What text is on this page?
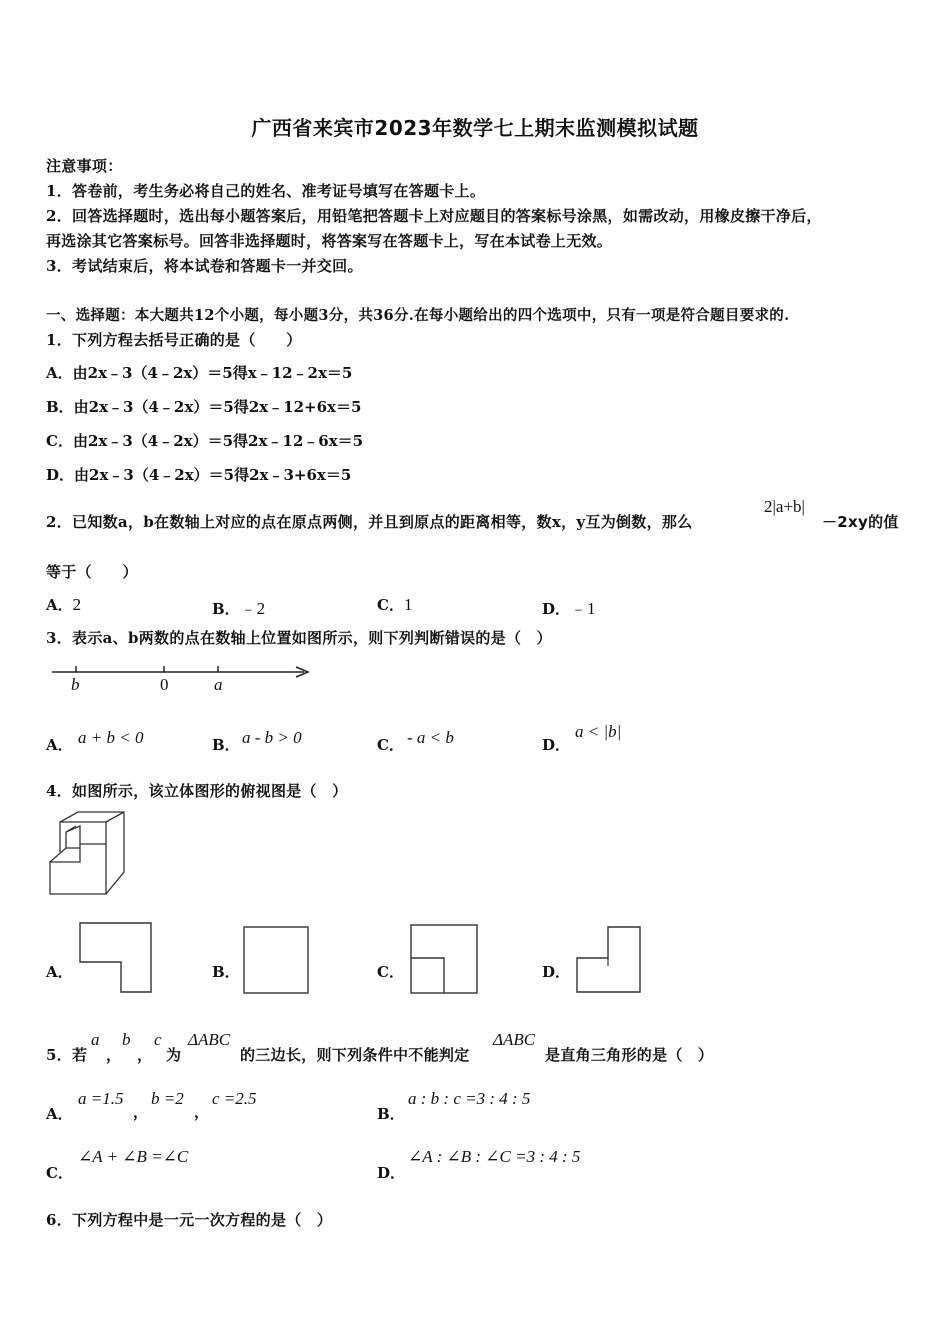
广西省来宾市2023年数学七上期末监测模拟试题
注意事项：
1．答卷前，考生务必将自己的姓名、准考证号填写在答题卡上。
2．回答选择题时，选出每小题答案后，用铅笔把答题卡上对应题目的答案标号涂黑，如需改动，用橡皮擦干净后，
再选涂其它答案标号。回答非选择题时，将答案写在答题卡上，写在本试卷上无效。
3．考试结束后，将本试卷和答题卡一并交回。
一、选择题：本大题共12个小题，每小题3分，共36分.在每小题给出的四个选项中，只有一项是符合题目要求的.
1．下列方程去括号正确的是（　　）
A．由2x﹣3（4﹣2x）＝5得x﹣12﹣2x＝5
B．由2x﹣3（4﹣2x）＝5得2x﹣12+6x＝5
C．由2x﹣3（4﹣2x）＝5得2x﹣12﹣6x＝5
D．由2x﹣3（4﹣2x）＝5得2x﹣3+6x＝5
2．已知数a，b在数轴上对应的点在原点两侧，并且到原点的距离相等，数x，y互为倒数，那么
2|a+b|
－2xy的值
等于（　　）
A．2	B．﹣2	C．1	D．﹣1
3．表示a、b两数的点在数轴上位置如图所示，则下列判断错误的是（　）
b	0	a
A． a + b < 0	B． a - b > 0	C． - a < b	D．
a < |b|
4．如图所示，该立体图形的俯视图是（　）
A．	B．	C．	D．
5．若
a
，
b
，
c
为
ΔABC
的三边长，则下列条件中不能判定
ΔABC
是直角三角形的是（　）
A．
a =1.5
，
b =2
，
c =2.5
B．
a : b : c =3 : 4 : 5
C．
∠A + ∠B =∠C
D．
∠A : ∠B : ∠C =3 : 4 : 5
6．下列方程中是一元一次方程的是（　）
